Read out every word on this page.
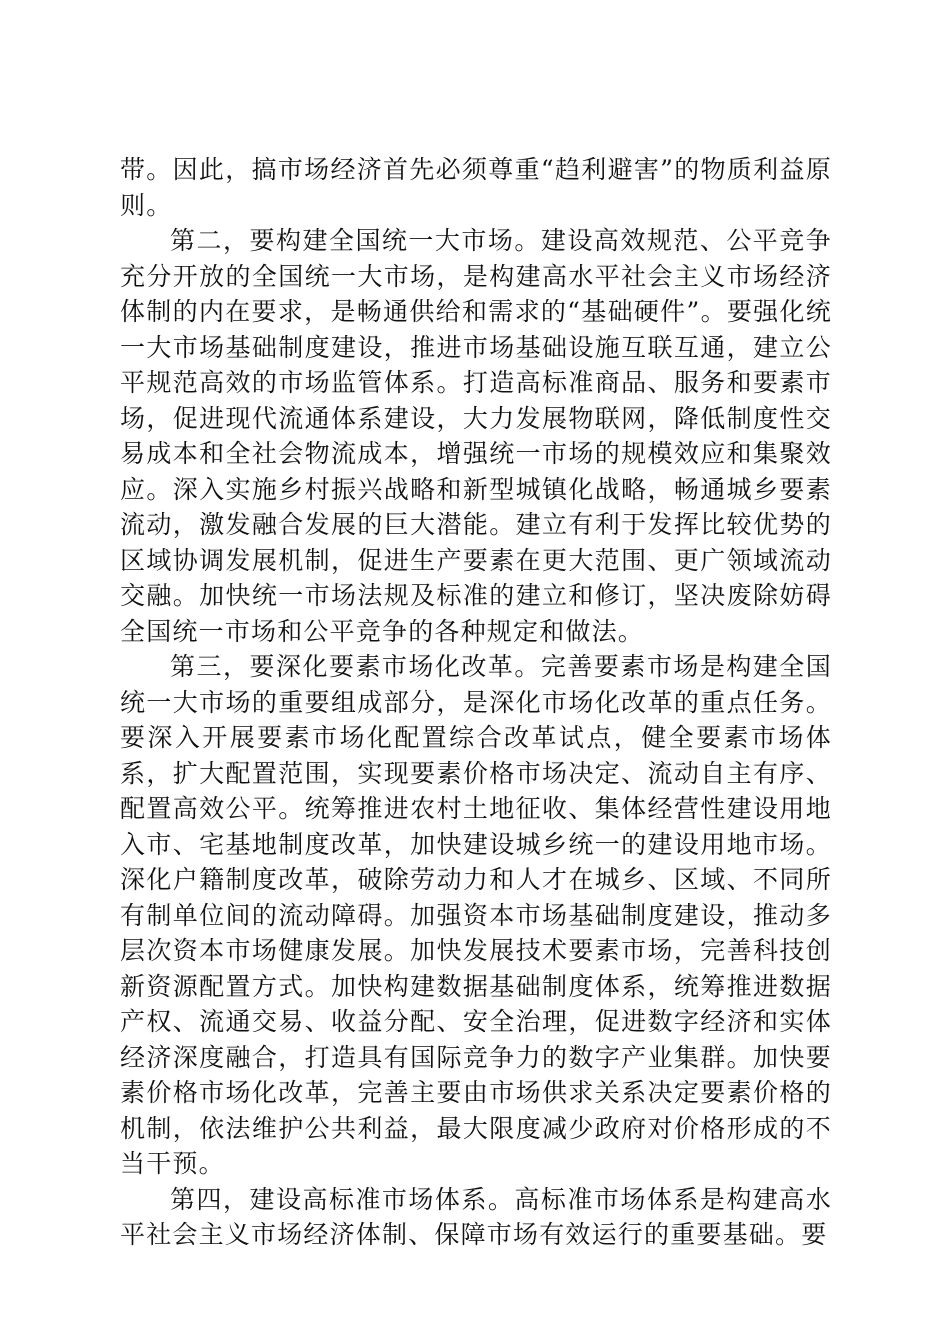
带。因此，搞市场经济首先必须尊重“趋利避害”的物质利益原则。

第二，要构建全国统一大市场。建设高效规范、公平竞争充分开放的全国统一大市场，是构建高水平社会主义市场经济体制的内在要求，是畅通供给和需求的“基础硬件”。要强化统一大市场基础制度建设，推进市场基础设施互联互通，建立公平规范高效的市场监管体系。打造高标准商品、服务和要素市场，促进现代流通体系建设，大力发展物联网，降低制度性交易成本和全社会物流成本，增强统一市场的规模效应和集聚效应。深入实施乡村振兴战略和新型城镇化战略，畅通城乡要素流动，激发融合发展的巨大潜能。建立有利于发挥比较优势的区域协调发展机制，促进生产要素在更大范围、更广领域流动交融。加快统一市场法规及标准的建立和修订，坚决废除妨碍全国统一市场和公平竞争的各种规定和做法。

第三，要深化要素市场化改革。完善要素市场是构建全国统一大市场的重要组成部分，是深化市场化改革的重点任务。要深入开展要素市场化配置综合改革试点，健全要素市场体系，扩大配置范围，实现要素价格市场决定、流动自主有序、配置高效公平。统筹推进农村土地征收、集体经营性建设用地入市、宅基地制度改革，加快建设城乡统一的建设用地市场。深化户籍制度改革，破除劳动力和人才在城乡、区域、不同所有制单位间的流动障碍。加强资本市场基础制度建设，推动多层次资本市场健康发展。加快发展技术要素市场，完善科技创新资源配置方式。加快构建数据基础制度体系，统筹推进数据产权、流通交易、收益分配、安全治理，促进数字经济和实体经济深度融合，打造具有国际竞争力的数字产业集群。加快要素价格市场化改革，完善主要由市场供求关系决定要素价格的机制，依法维护公共利益，最大限度减少政府对价格形成的不当干预。

第四，建设高标准市场体系。高标准市场体系是构建高水平社会主义市场经济体制、保障市场有效运行的重要基础。要
